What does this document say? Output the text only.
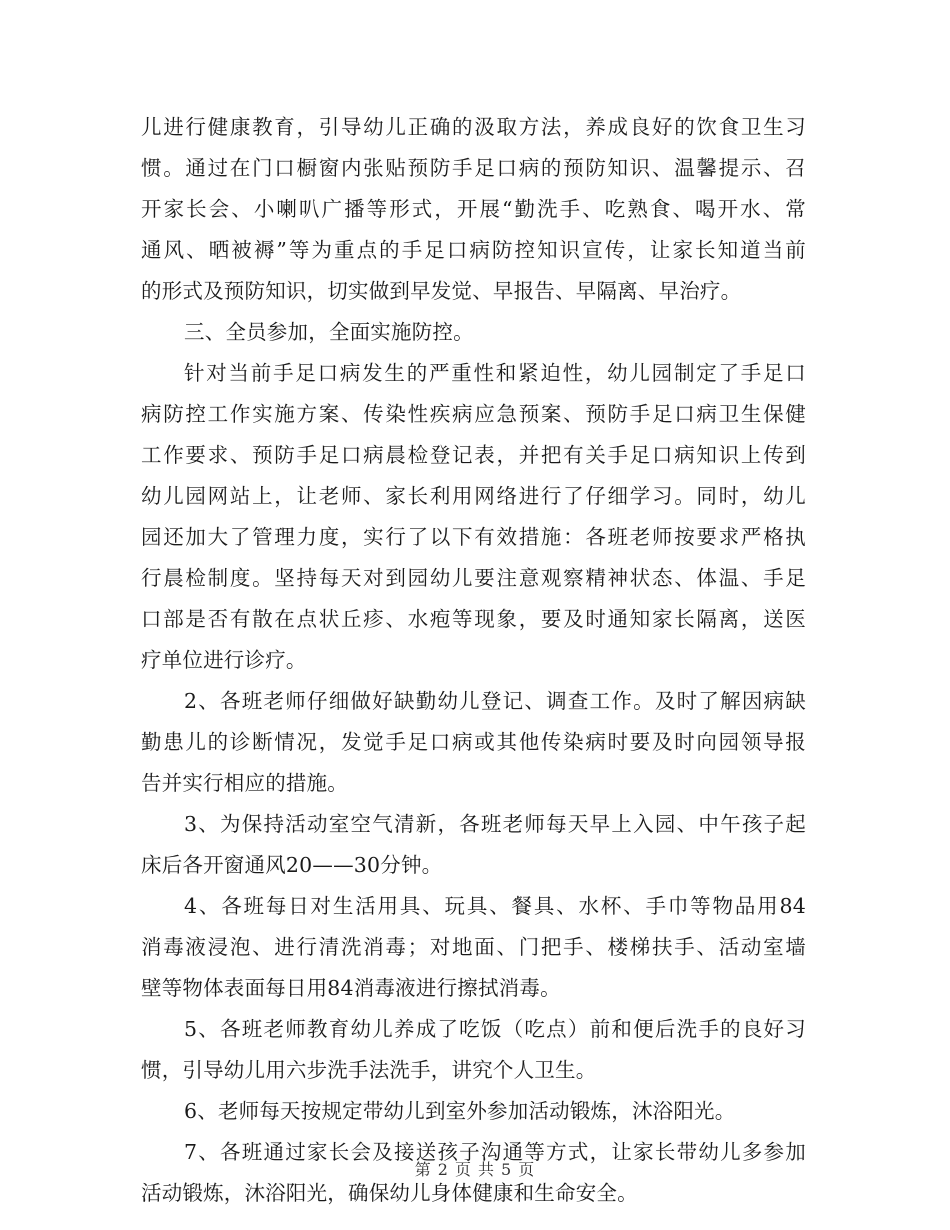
儿进行健康教育，引导幼儿正确的汲取方法，养成良好的饮食卫生习
惯。通过在门口橱窗内张贴预防手足口病的预防知识、温馨提示、召
开家长会、小喇叭广播等形式，开展“勤洗手、吃熟食、喝开水、常
通风、晒被褥”等为重点的手足口病防控知识宣传，让家长知道当前
的形式及预防知识，切实做到早发觉、早报告、早隔离、早治疗。
三、全员参加，全面实施防控。
针对当前手足口病发生的严重性和紧迫性，幼儿园制定了手足口
病防控工作实施方案、传染性疾病应急预案、预防手足口病卫生保健
工作要求、预防手足口病晨检登记表，并把有关手足口病知识上传到
幼儿园网站上，让老师、家长利用网络进行了仔细学习。同时，幼儿
园还加大了管理力度，实行了以下有效措施：各班老师按要求严格执
行晨检制度。坚持每天对到园幼儿要注意观察精神状态、体温、手足
口部是否有散在点状丘疹、水疱等现象，要及时通知家长隔离，送医
疗单位进行诊疗。
2、各班老师仔细做好缺勤幼儿登记、调查工作。及时了解因病缺
勤患儿的诊断情况，发觉手足口病或其他传染病时要及时向园领导报
告并实行相应的措施。
3、为保持活动室空气清新，各班老师每天早上入园、中午孩子起
床后各开窗通风20——30分钟。
4、各班每日对生活用具、玩具、餐具、水杯、手巾等物品用84
消毒液浸泡、进行清洗消毒；对地面、门把手、楼梯扶手、活动室墙
壁等物体表面每日用84消毒液进行擦拭消毒。
5、各班老师教育幼儿养成了吃饭（吃点）前和便后洗手的良好习
惯，引导幼儿用六步洗手法洗手，讲究个人卫生。
6、老师每天按规定带幼儿到室外参加活动锻炼，沐浴阳光。
7、各班通过家长会及接送孩子沟通等方式，让家长带幼儿多参加
活动锻炼，沐浴阳光，确保幼儿身体健康和生命安全。
第 2 页 共 5 页
